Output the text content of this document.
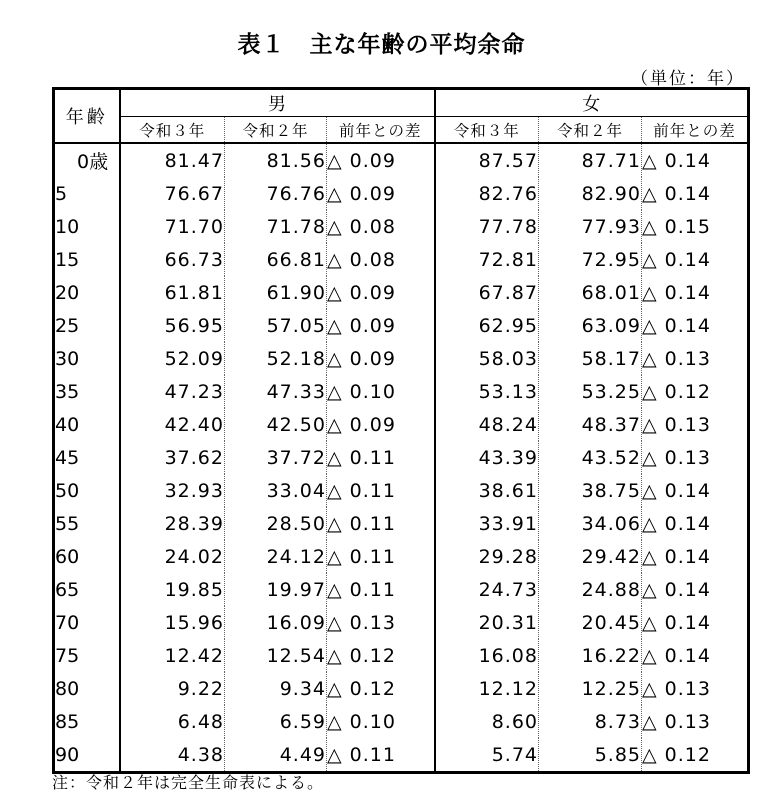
表１　主な年齢の平均余命
（単位：年）
年齢	男			女		
	令和３年	令和２年	前年との差	令和３年	令和２年	前年との差
0歳	81.47	81.56	△ 0.09	87.57	87.71	△ 0.14
5	76.67	76.76	△ 0.09	82.76	82.90	△ 0.14
10	71.70	71.78	△ 0.08	77.78	77.93	△ 0.15
15	66.73	66.81	△ 0.08	72.81	72.95	△ 0.14
20	61.81	61.90	△ 0.09	67.87	68.01	△ 0.14
25	56.95	57.05	△ 0.09	62.95	63.09	△ 0.14
30	52.09	52.18	△ 0.09	58.03	58.17	△ 0.13
35	47.23	47.33	△ 0.10	53.13	53.25	△ 0.12
40	42.40	42.50	△ 0.09	48.24	48.37	△ 0.13
45	37.62	37.72	△ 0.11	43.39	43.52	△ 0.13
50	32.93	33.04	△ 0.11	38.61	38.75	△ 0.14
55	28.39	28.50	△ 0.11	33.91	34.06	△ 0.14
60	24.02	24.12	△ 0.11	29.28	29.42	△ 0.14
65	19.85	19.97	△ 0.11	24.73	24.88	△ 0.14
70	15.96	16.09	△ 0.13	20.31	20.45	△ 0.14
75	12.42	12.54	△ 0.12	16.08	16.22	△ 0.14
80	9.22	9.34	△ 0.12	12.12	12.25	△ 0.13
85	6.48	6.59	△ 0.10	8.60	8.73	△ 0.13
90	4.38	4.49	△ 0.11	5.74	5.85	△ 0.12
注：令和２年は完全生命表による。
